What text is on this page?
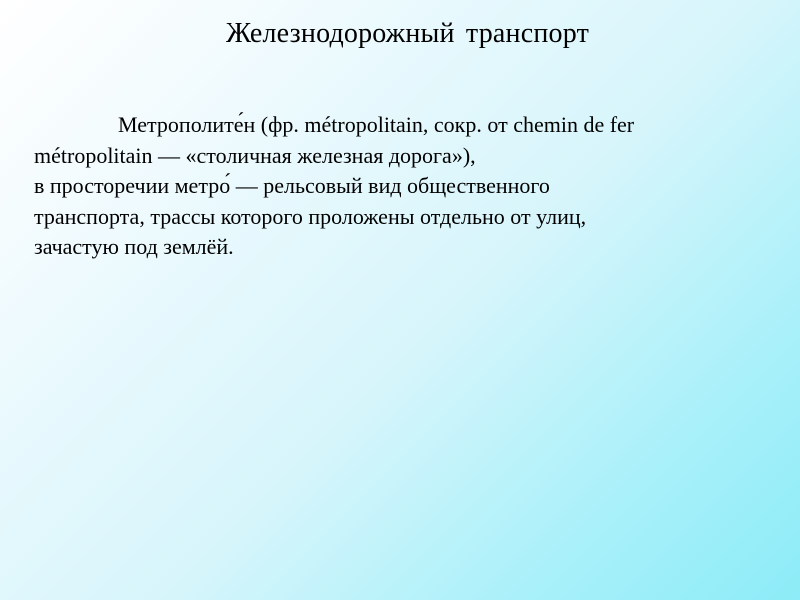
Железнодорожный транспорт
Метрополите́н (фр. métropolitain, сокр. от chemin de fer
métropolitain — «столичная железная дорога»),
в просторечии метро́ — рельсовый вид общественного
транспорта, трассы которого проложены отдельно от улиц,
зачастую под землёй.
